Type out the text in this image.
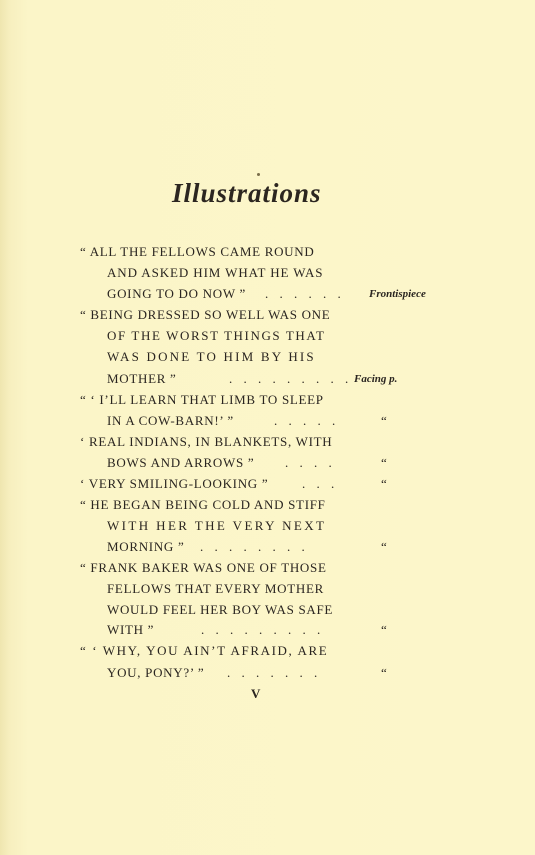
Illustrations
“ ALL THE FELLOWS CAME ROUND
AND ASKED HIM WHAT HE WAS
GOING TO DO NOW ” . . . . . . Frontispiece
“ BEING DRESSED SO WELL WAS ONE
OF THE WORST THINGS THAT
WAS DONE TO HIM BY HIS
MOTHER ”	. . . . . . . . . Facing p.
“ ‘ I’LL LEARN THAT LIMB TO SLEEP
IN A COW-BARN!’ ”	. . . . .	“
‘ REAL INDIANS, IN BLANKETS, WITH
BOWS AND ARROWS ” . . . .	“
‘ VERY SMILING-LOOKING ”	. . .	“
“ HE BEGAN BEING COLD AND STIFF
WITH HER THE VERY NEXT
MORNING ” . . . . . . . .	“
“ FRANK BAKER WAS ONE OF THOSE
FELLOWS THAT EVERY MOTHER
WOULD FEEL HER BOY WAS SAFE
WITH ”	. . . . . . . . .	“
“ ‘ WHY, YOU AIN’T AFRAID, ARE
YOU, PONY?’ ” . . . . . . .	“
V
